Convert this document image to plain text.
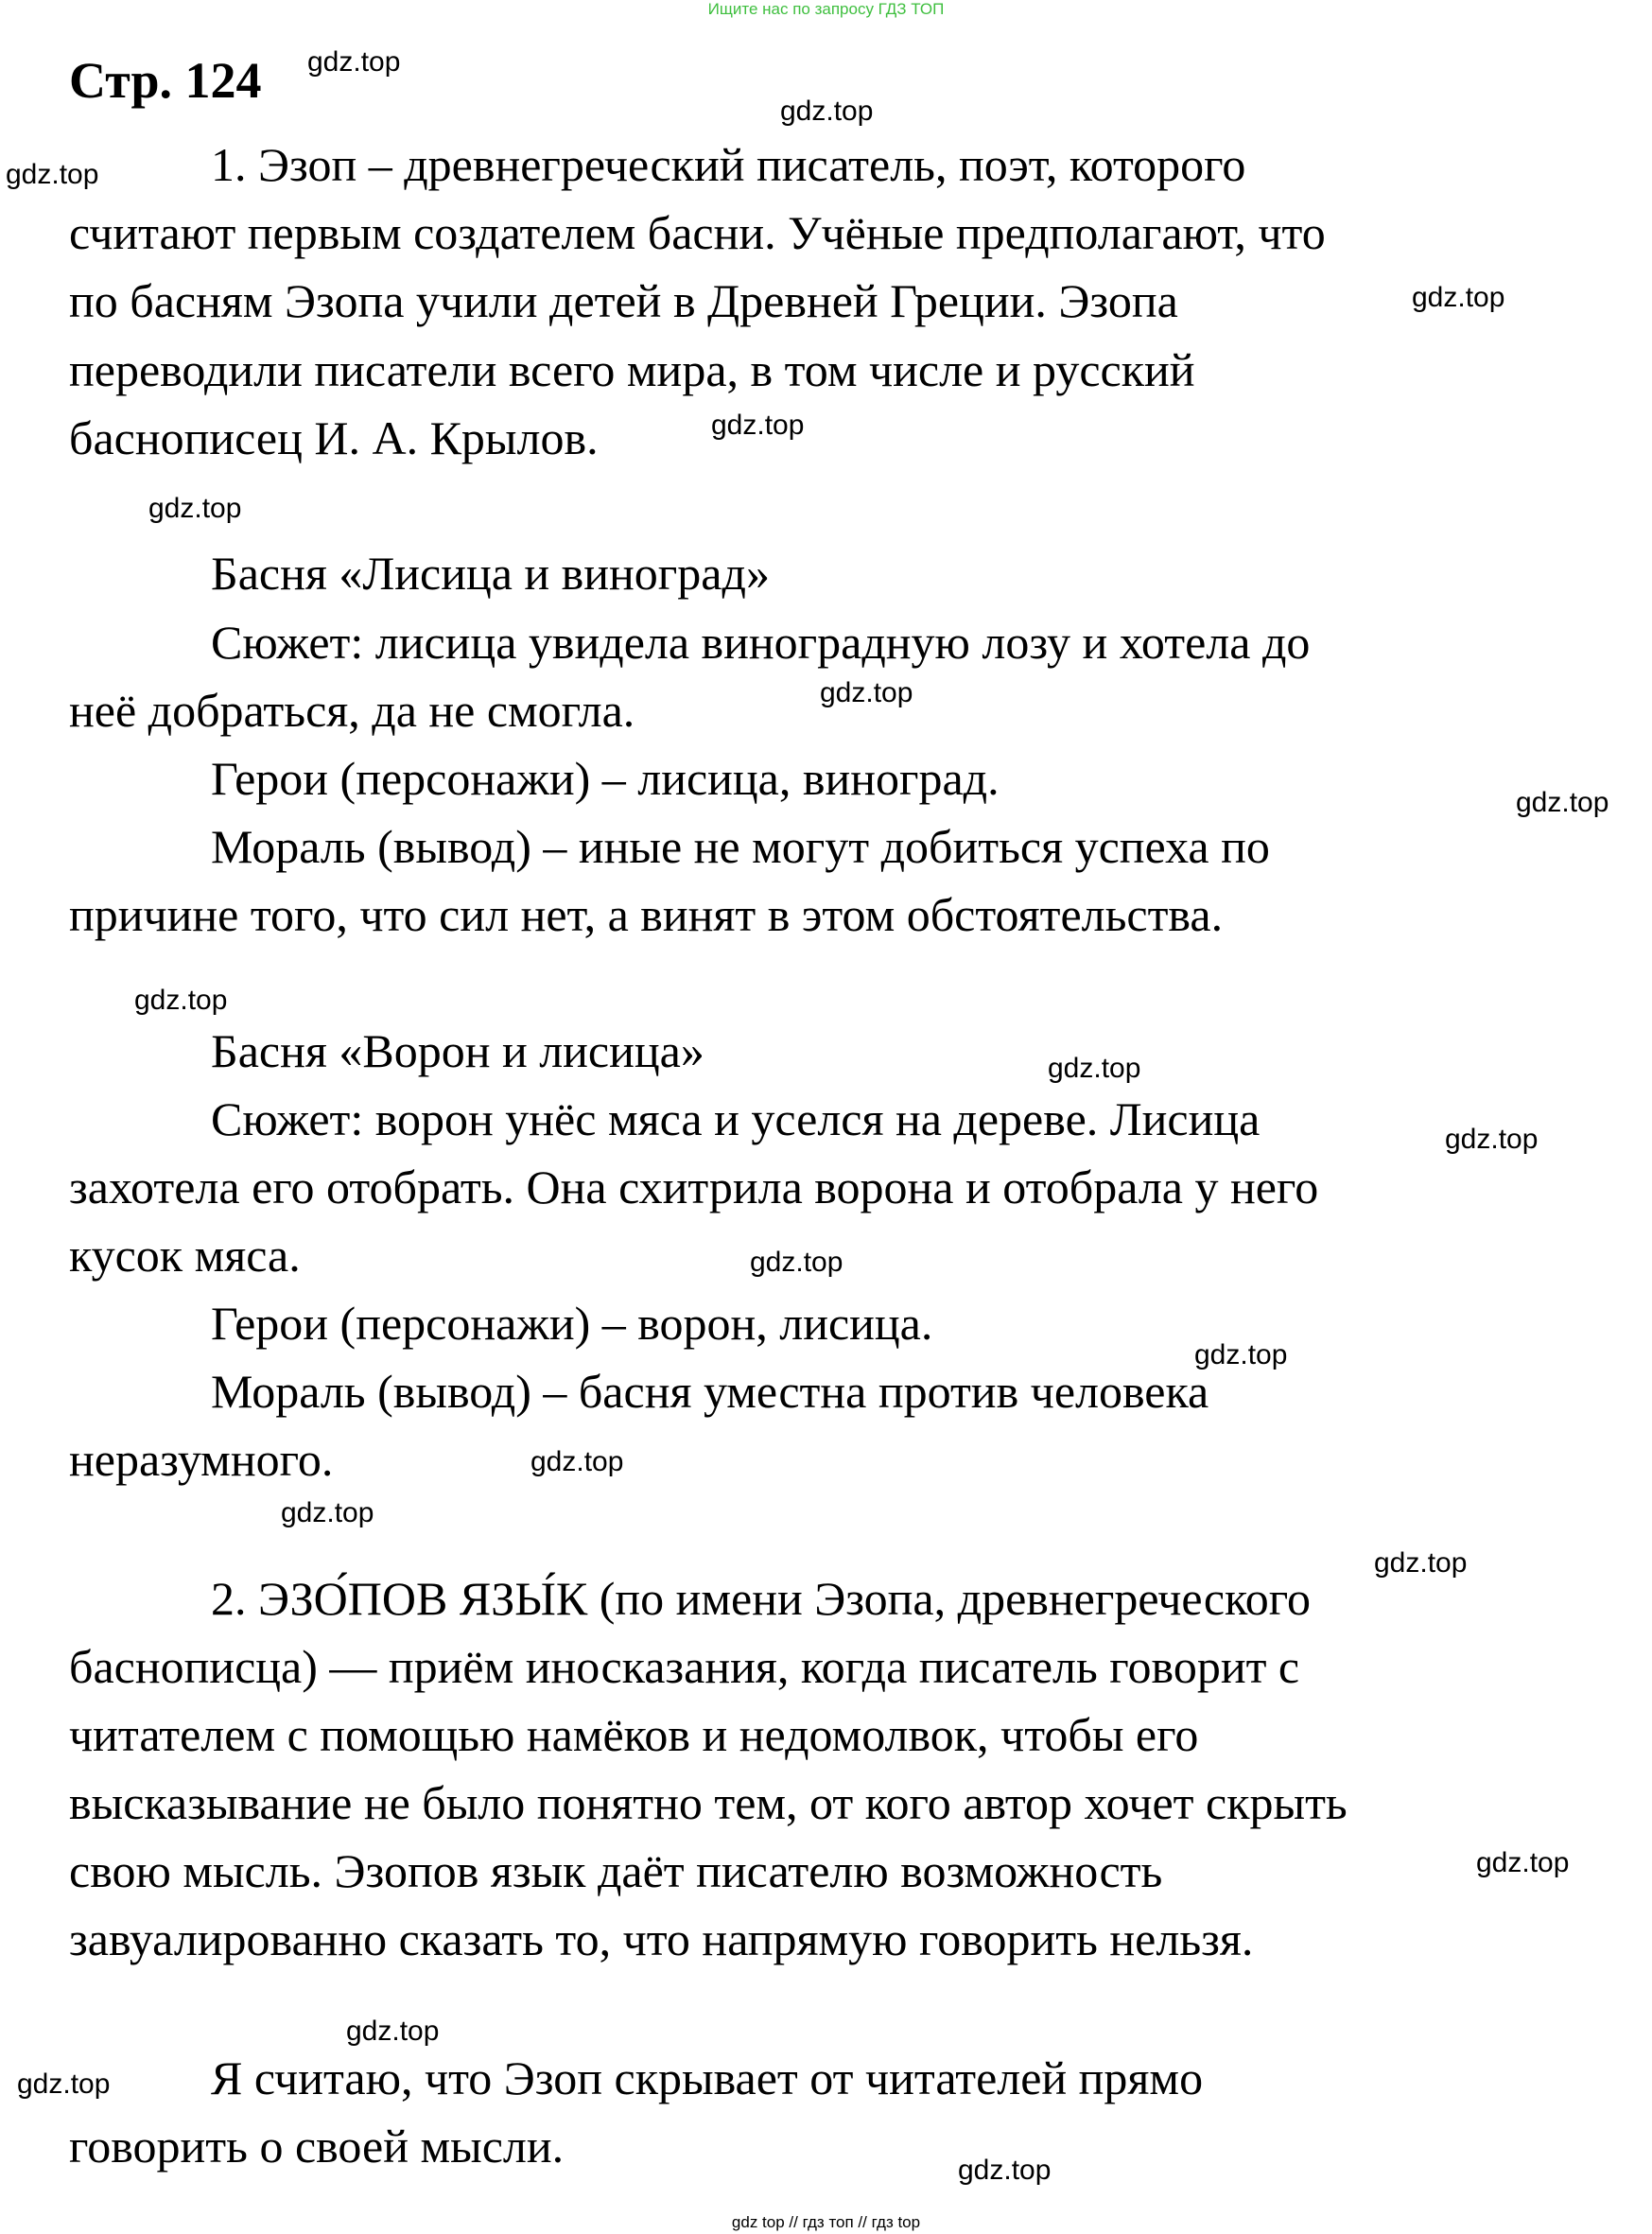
Ищите нас по запросу ГДЗ ТОП
Стр. 124

1. Эзоп – древнегреческий писатель, поэт, которого

считают первым создателем басни. Учёные предполагают, что

по басням Эзопа учили детей в Древней Греции. Эзопа

переводили писатели всего мира, в том числе и русский

баснописец И. А. Крылов.

Басня «Лисица и виноград»

Сюжет: лисица увидела виноградную лозу и хотела до

неё добраться, да не смогла.

Герои (персонажи) – лисица, виноград.

Мораль (вывод) – иные не могут добиться успеха по

причине того, что сил нет, а винят в этом обстоятельства.

Басня «Ворон и лисица»

Сюжет: ворон унёс мяса и уселся на дереве. Лисица

захотела его отобрать. Она схитрила ворона и отобрала у него

кусок мяса.

Герои (персонажи) – ворон, лисица.

Мораль (вывод) – басня уместна против человека

неразумного.

2. ЭЗО́ПОВ ЯЗЫ́К (по имени Эзопа, древнегреческого

баснописца) — приём иносказания, когда писатель говорит с

читателем с помощью намёков и недомолвок, чтобы его

высказывание не было понятно тем, от кого автор хочет скрыть

свою мысль. Эзопов язык даёт писателю возможность

завуалированно сказать то, что напрямую говорить нельзя.

Я считаю, что Эзоп скрывает от читателей прямо

говорить о своей мысли.

gdz.top
gdz.top
gdz.top
gdz.top
gdz.top
gdz.top
gdz.top
gdz.top
gdz.top
gdz.top
gdz.top
gdz.top
gdz.top
gdz.top
gdz.top
gdz.top
gdz.top
gdz.top
gdz.top
gdz.top
gdz top // гдз топ // гдз top
